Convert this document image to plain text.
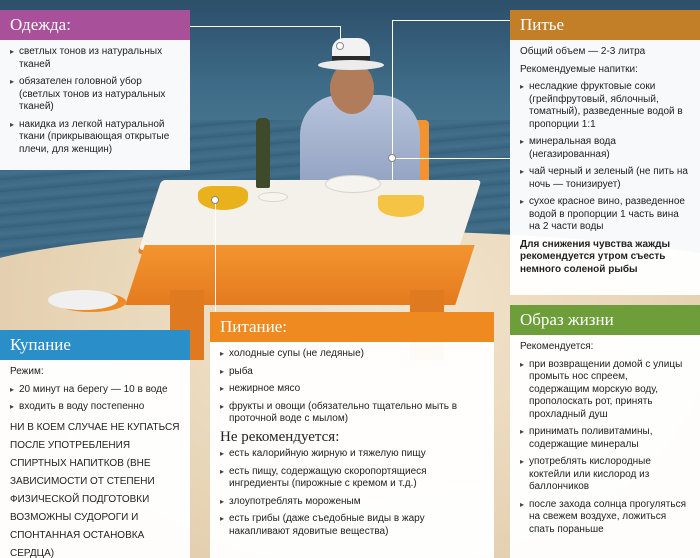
Одежда:
▸ светлых тонов из натуральных тканей
▸ обязателен головной убор (светлых тонов из натуральных тканей)
▸ накидка из легкой натуральной ткани (прикрывающая открытые плечи, для женщин)
Питье
Общий объем — 2-3 литра
Рекомендуемые напитки:
▸ несладкие фруктовые соки (грейпфрутовый, яблочный, томатный), разведенные водой в пропорции 1:1
▸ минеральная вода (негазированная)
▸ чай черный и зеленый (не пить на ночь — тонизирует)
▸ сухое красное вино, разведенное водой в пропорции 1 часть вина на 2 части воды
Для снижения чувства жажды рекомендуется утром съесть немного соленой рыбы
Купание
Режим:
▸ 20 минут на берегу — 10 в воде
▸ входить в воду постепенно
НИ В КОЕМ СЛУЧАЕ НЕ КУПАТЬСЯ ПОСЛЕ УПОТРЕБЛЕНИЯ СПИРТНЫХ НАПИТКОВ (ВНЕ ЗАВИСИМОСТИ ОТ СТЕПЕНИ ФИЗИЧЕСКОЙ ПОДГОТОВКИ ВОЗМОЖНЫ СУДОРОГИ И СПОНТАННАЯ ОСТАНОВКА СЕРДЦА)
Питание:
▸ холодные супы (не ледяные)
▸ рыба
▸ нежирное мясо
▸ фрукты и овощи (обязательно тщательно мыть в проточной воде с мылом)
Не рекомендуется:
▸ есть калорийную жирную и тяжелую пищу
▸ есть пищу, содержащую скоропортящиеся ингредиенты (пирожные с кремом и т.д.)
▸ злоупотреблять мороженым
▸ есть грибы (даже съедобные виды в жару накапливают ядовитые вещества)
Образ жизни
Рекомендуется:
▸ при возвращении домой с улицы промыть нос спреем, содержащим морскую воду, прополоскать рот, принять прохладный душ
▸ принимать поливитамины, содержащие минералы
▸ употреблять кислородные коктейли или кислород из баллончиков
▸ после захода солнца прогуляться на свежем воздухе, ложиться спать пораньше
